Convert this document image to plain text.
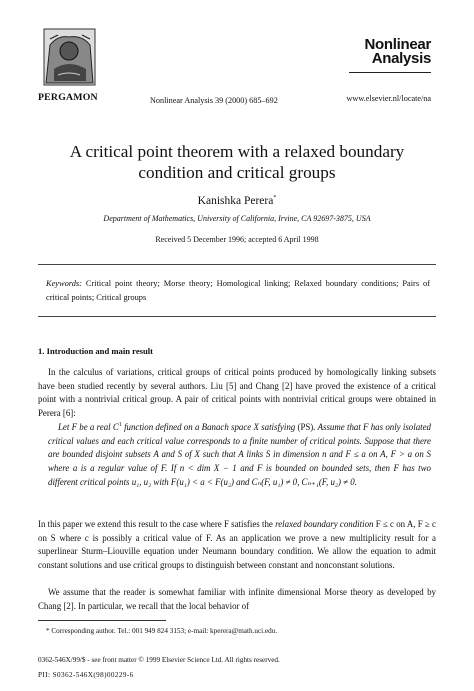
PERGAMON	Nonlinear Analysis 39 (2000) 685–692
Nonlinear
Analysis
www.elsevier.nl/locate/na
A critical point theorem with a relaxed boundary
condition and critical groups
Kanishka Perera*
Department of Mathematics, University of California, Irvine, CA 92697-3875, USA
Received 5 December 1996; accepted 6 April 1998
Keywords: Critical point theory; Morse theory; Homological linking; Relaxed boundary conditions; Pairs of critical points; Critical groups
1. Introduction and main result
In the calculus of variations, critical groups of critical points produced by homologically linking subsets have been studied recently by several authors. Liu [5] and Chang [2] have proved the existence of a critical point with a nontrivial critical group. A pair of critical points with nontrivial critical groups were obtained in Perera [6]:
Let F be a real $C^1$ function defined on a Banach space X satisfying (PS). Assume that F has only isolated critical values and each critical value corresponds to a finite number of critical points. Suppose that there are bounded disjoint subsets A and S of X such that A links S in dimension n and F ≤ a on A, F > a on S where a is a regular value of F. If n < dim X − 1 and F is bounded on bounded sets, then F has two different critical points u₁, u₂ with F(u₁) < a < F(u₂) and Cₙ(F, u₁) ≠ 0, Cₙ₊₁(F, u₂) ≠ 0.
In this paper we extend this result to the case where F satisfies the relaxed boundary condition F ≤ c on A, F ≥ c on S where c is possibly a critical value of F. As an application we prove a new multiplicity result for a superlinear Sturm–Liouville equation under Neumann boundary condition. We allow the equation to admit constant solutions and use critical groups to distinguish between constant and nonconstant solutions.
We assume that the reader is somewhat familiar with infinite dimensional Morse theory as developed by Chang [2]. In particular, we recall that the local behavior of
* Corresponding author. Tel.: 001 949 824 3153; e-mail: kperera@math.uci.edu.
0362-546X/99/$ - see front matter © 1999 Elsevier Science Ltd. All rights reserved.
PII: S0362-546X(98)00229-6
